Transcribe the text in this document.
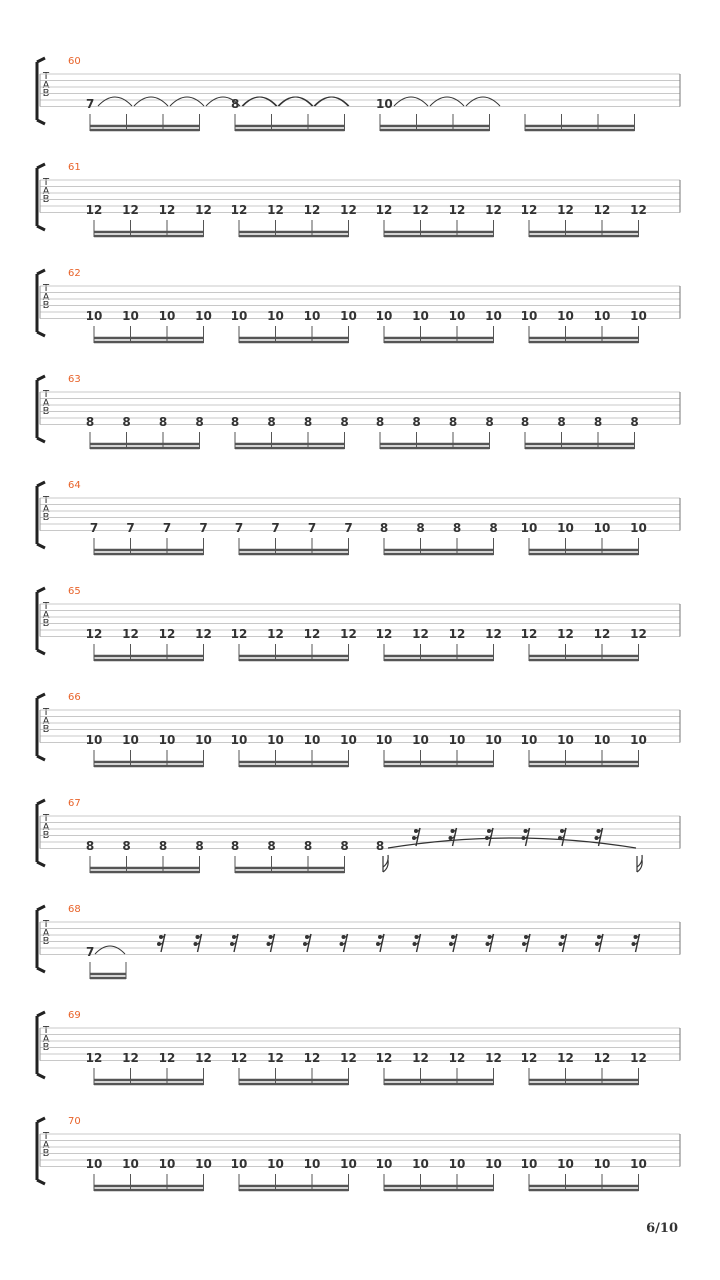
60
T
A
B
7	8	10
61
T
A
B
12 12 12 12 12 12 12 12 12 12 12 12 12 12 12 12
62
T
A
B
10 10 10 10 10 10 10 10 10 10 10 10 10 10 10 10
63
T
A
B
8 8 8 8 8 8 8 8 8 8 8 8 8 8 8 8
64
T
A
B
7 7 7 7 7 7 7 7 8 8 8 8 10 10 10 10
65
T
A
B
12 12 12 12 12 12 12 12 12 12 12 12 12 12 12 12
66
T
A
B
10 10 10 10 10 10 10 10 10 10 10 10 10 10 10 10
67
T
A
B
8 8 8 8 8 8 8 8 8
68
T
A
B
7
69
T
A
B
12 12 12 12 12 12 12 12 12 12 12 12 12 12 12 12
70
T
A
B
10 10 10 10 10 10 10 10 10 10 10 10 10 10 10 10
6/10
